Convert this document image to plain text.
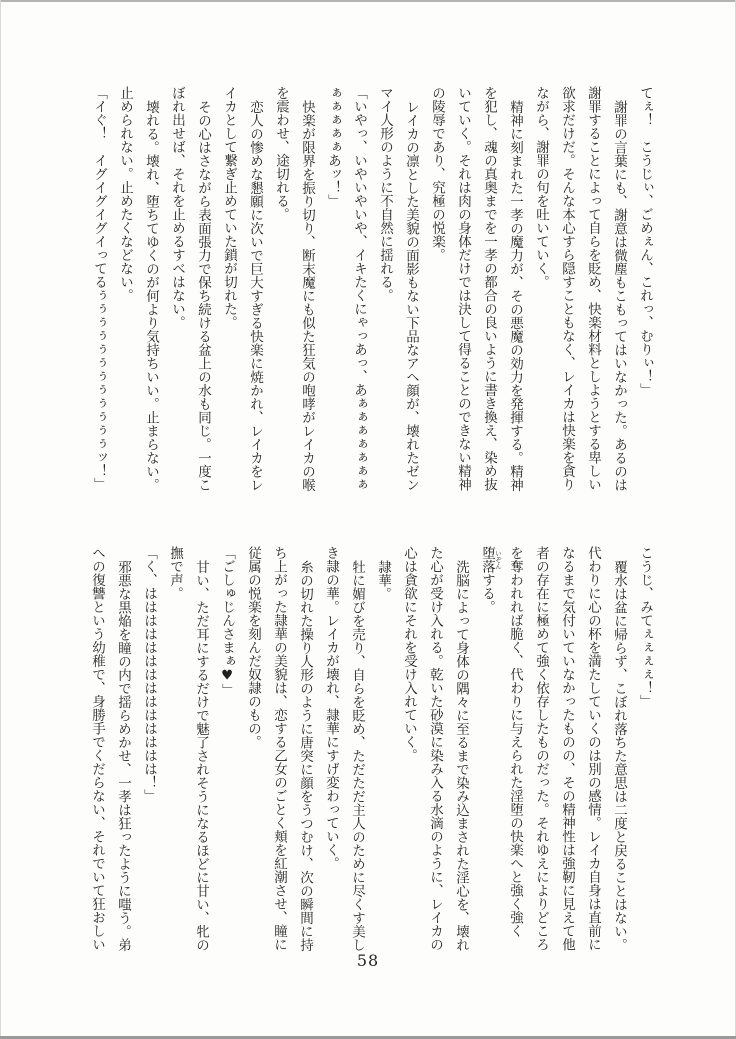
てぇ！　こうじぃ、ごめぇん、これっ、むりぃ！」

謝罪の言葉にも、謝意は微塵もこもってはいなかった。あるのは

謝罪することによって自らを貶め、快楽材料としようとする卑しい

欲求だけだ。そんな本心すら隠すこともなく、レイカは快楽を貪り

ながら、謝罪の句を吐いていく。

精神に刻まれた一孝の魔力が、その悪魔の効力を発揮する。精神

を犯し、魂の真奥までを一孝の都合の良いように書き換え、染め抜

いていく。それは肉の身体だけでは決して得ることのできない精神

の陵辱であり、究極の悦楽。

レイカの凛とした美貌の面影もない下品なアヘ顔が、壊れたゼン

マイ人形のように不自然に揺れる。

「いやっ、いやいやいや、イキたくにゃっあっ、あぁぁぁぁぁぁぁ

ぁぁぁぁぁあッ！」

快楽が限界を振り切り、断末魔にも似た狂気の咆哮がレイカの喉

を震わせ、途切れる。

恋人の惨めな懇願に次いで巨大すぎる快楽に焼かれ、レイカをレ

イカとして繋ぎ止めていた鎖が切れた。

その心はさながら表面張力で保ち続ける盆上の水も同じ。一度こ

ぼれ出せば、それを止めるすべはない。

壊れる。壊れ、堕ちてゆくのが何より気持ちいい。止まらない。

止められない。止めたくなどない。

「イぐ！　イグイグイグイってるぅぅぅぅぅぅぅぅぅぅぅぅッ！」

こうじ、みてぇぇぇぇ！」

覆水は盆に帰らず、こぼれ落ちた意思は二度と戻ることはない。

代わりに心の杯を満たしていくのは別の感情。レイカ自身は直前に

なるまで気付いていなかったものの、その精神性は強靭に見えて他

者の存在に極めて強く依存したものだった。それゆえによりどころ

を奪われれば脆く、代わりに与えられた淫堕の快楽へと強く強く

堕落 いぞんする。

洗脳によって身体の隅々に至るまで染み込まされた淫心を、壊れ

た心が受け入れる。乾いた砂漠に染み入る水滴のように、レイカの

心は貪欲にそれを受け入れていく。

隷華。

牡に媚びを売り、自らを貶め、ただただ主人のために尽くす美し

き隷の華。レイカが壊れ、隷華にすげ変わっていく。

糸の切れた操り人形のように唐突に顔をうつむけ、次の瞬間に持

ち上がった隷華の美貌は、恋する乙女のごとく頬を紅潮させ、瞳に

従属の悦楽を刻んだ奴隷のもの。

「ごしゅじんさまぁ♥」

甘い、ただ耳にするだけで魅了されそうになるほどに甘い、牝の

撫で声。

「く、はははははははははははははは！」

邪悪な黒焔を瞳の内で揺らめかせ、一孝は狂ったように嗤う。弟

への復讐という幼稚で、身勝手でくだらない、それでいて狂おしい

58
